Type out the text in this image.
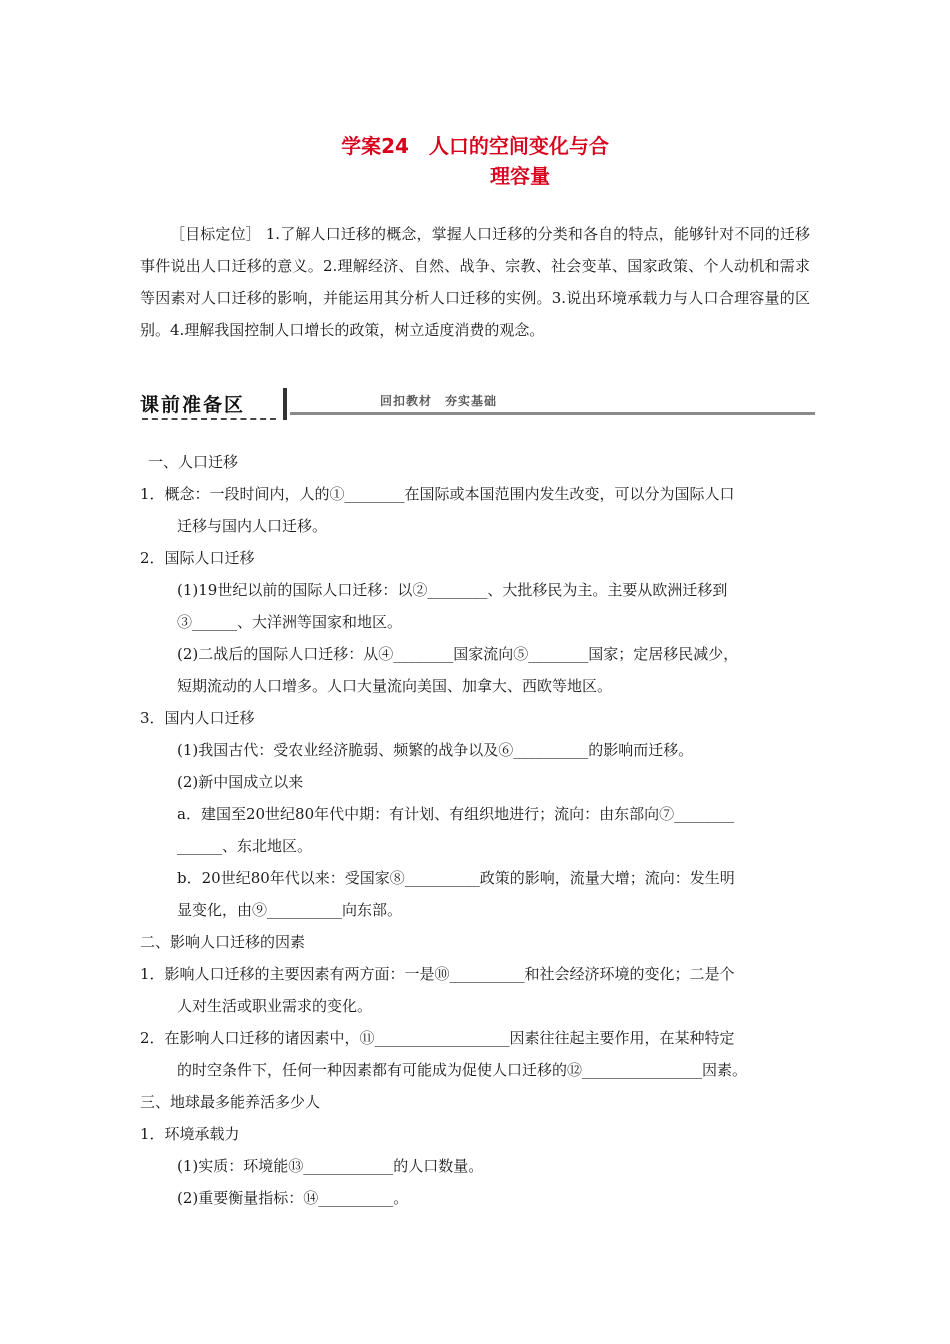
学案24　人口的空间变化与合
理容量
［目标定位］ 1.了解人口迁移的概念，掌握人口迁移的分类和各自的特点，能够针对不同的迁移事件说出人口迁移的意义。2.理解经济、自然、战争、宗教、社会变革、国家政策、个人动机和需求等因素对人口迁移的影响，并能运用其分析人口迁移的实例。3.说出环境承载力与人口合理容量的区别。4.理解我国控制人口增长的政策，树立适度消费的观念。
课前准备区	回扣教材　夯实基础
一、人口迁移
1．概念：一段时间内，人的①________在国际或本国范围内发生改变，可以分为国际人口
迁移与国内人口迁移。
2．国际人口迁移
(1)19世纪以前的国际人口迁移：以②________、大批移民为主。主要从欧洲迁移到
③______、大洋洲等国家和地区。
(2)二战后的国际人口迁移：从④________国家流向⑤________国家；定居移民减少，
短期流动的人口增多。人口大量流向美国、加拿大、西欧等地区。
3．国内人口迁移
(1)我国古代：受农业经济脆弱、频繁的战争以及⑥__________的影响而迁移。
(2)新中国成立以来
a．建国至20世纪80年代中期：有计划、有组织地进行；流向：由东部向⑦________
______、东北地区。
b．20世纪80年代以来：受国家⑧__________政策的影响，流量大增；流向：发生明
显变化，由⑨__________向东部。
二、影响人口迁移的因素
1．影响人口迁移的主要因素有两方面：一是⑩__________和社会经济环境的变化；二是个
人对生活或职业需求的变化。
2．在影响人口迁移的诸因素中，⑪__________________因素往往起主要作用，在某种特定
的时空条件下，任何一种因素都有可能成为促使人口迁移的⑫________________因素。
三、地球最多能养活多少人
1．环境承载力
(1)实质：环境能⑬____________的人口数量。
(2)重要衡量指标：⑭__________。
